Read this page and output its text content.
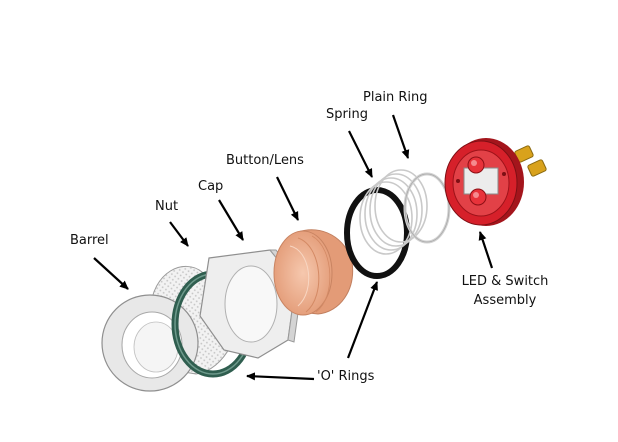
Barrel
Nut
Cap
Button/Lens
Spring
Plain Ring
LED & Switch
Assembly
'O' Rings
